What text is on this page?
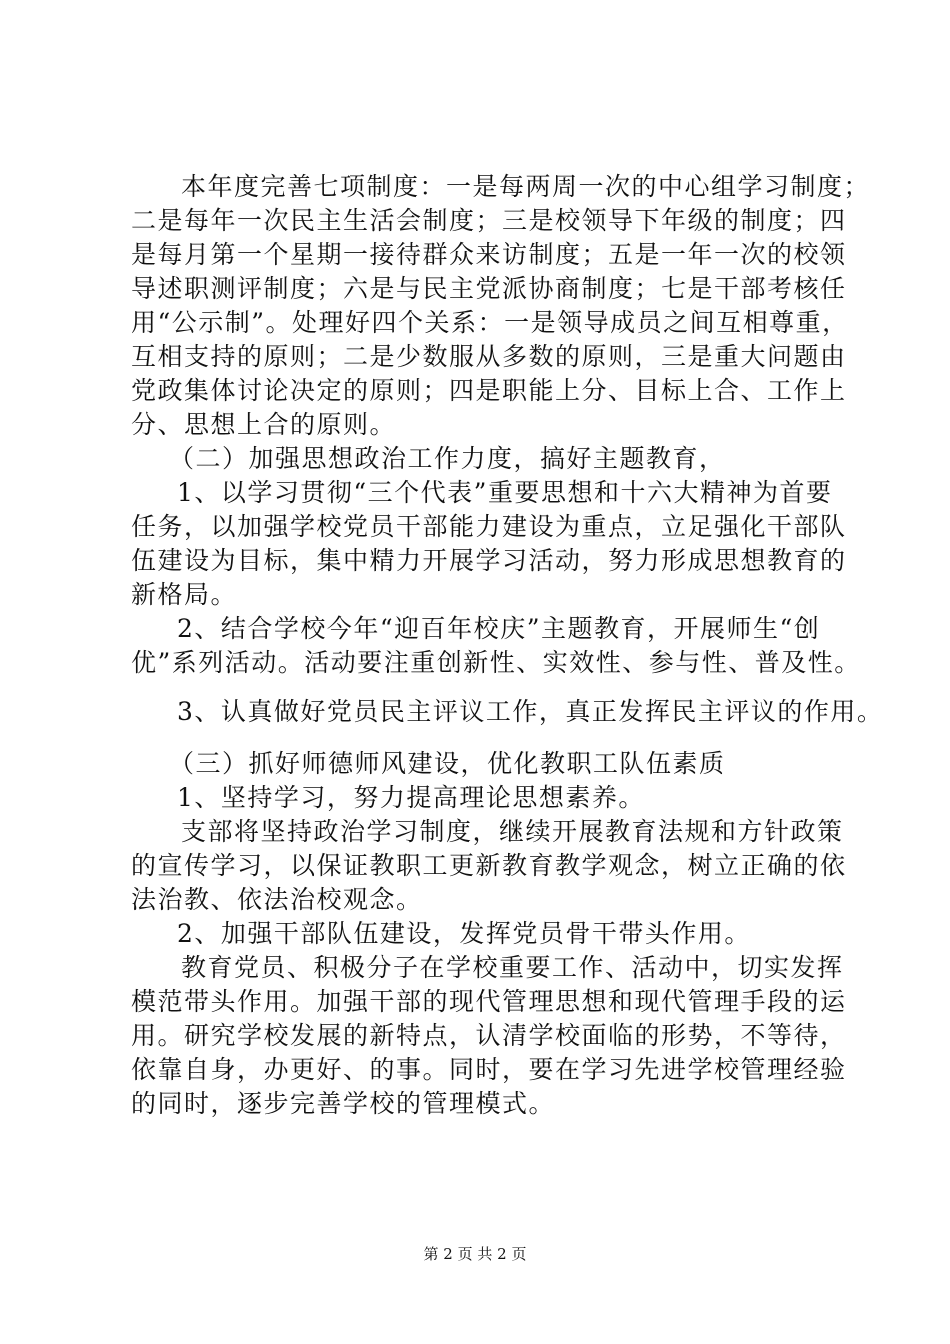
本年度完善七项制度：一是每两周一次的中心组学习制度；
二是每年一次民主生活会制度；三是校领导下年级的制度；四
是每月第一个星期一接待群众来访制度；五是一年一次的校领
导述职测评制度；六是与民主党派协商制度；七是干部考核任
用“公示制”。处理好四个关系：一是领导成员之间互相尊重，
互相支持的原则；二是少数服从多数的原则，三是重大问题由
党政集体讨论决定的原则；四是职能上分、目标上合、工作上
分、思想上合的原则。
（二）加强思想政治工作力度，搞好主题教育，
1、以学习贯彻“三个代表”重要思想和十六大精神为首要
任务，以加强学校党员干部能力建设为重点，立足强化干部队
伍建设为目标，集中精力开展学习活动，努力形成思想教育的
新格局。
2、结合学校今年“迎百年校庆”主题教育，开展师生“创
优”系列活动。活动要注重创新性、实效性、参与性、普及性。
3、认真做好党员民主评议工作，真正发挥民主评议的作用。
（三）抓好师德师风建设，优化教职工队伍素质
1、坚持学习，努力提高理论思想素养。
支部将坚持政治学习制度，继续开展教育法规和方针政策
的宣传学习，以保证教职工更新教育教学观念，树立正确的依
法治教、依法治校观念。
2、加强干部队伍建设，发挥党员骨干带头作用。
教育党员、积极分子在学校重要工作、活动中，切实发挥
模范带头作用。加强干部的现代管理思想和现代管理手段的运
用。研究学校发展的新特点，认清学校面临的形势，不等待，
依靠自身，办更好、的事。同时，要在学习先进学校管理经验
的同时，逐步完善学校的管理模式。
第 2 页 共 2 页
